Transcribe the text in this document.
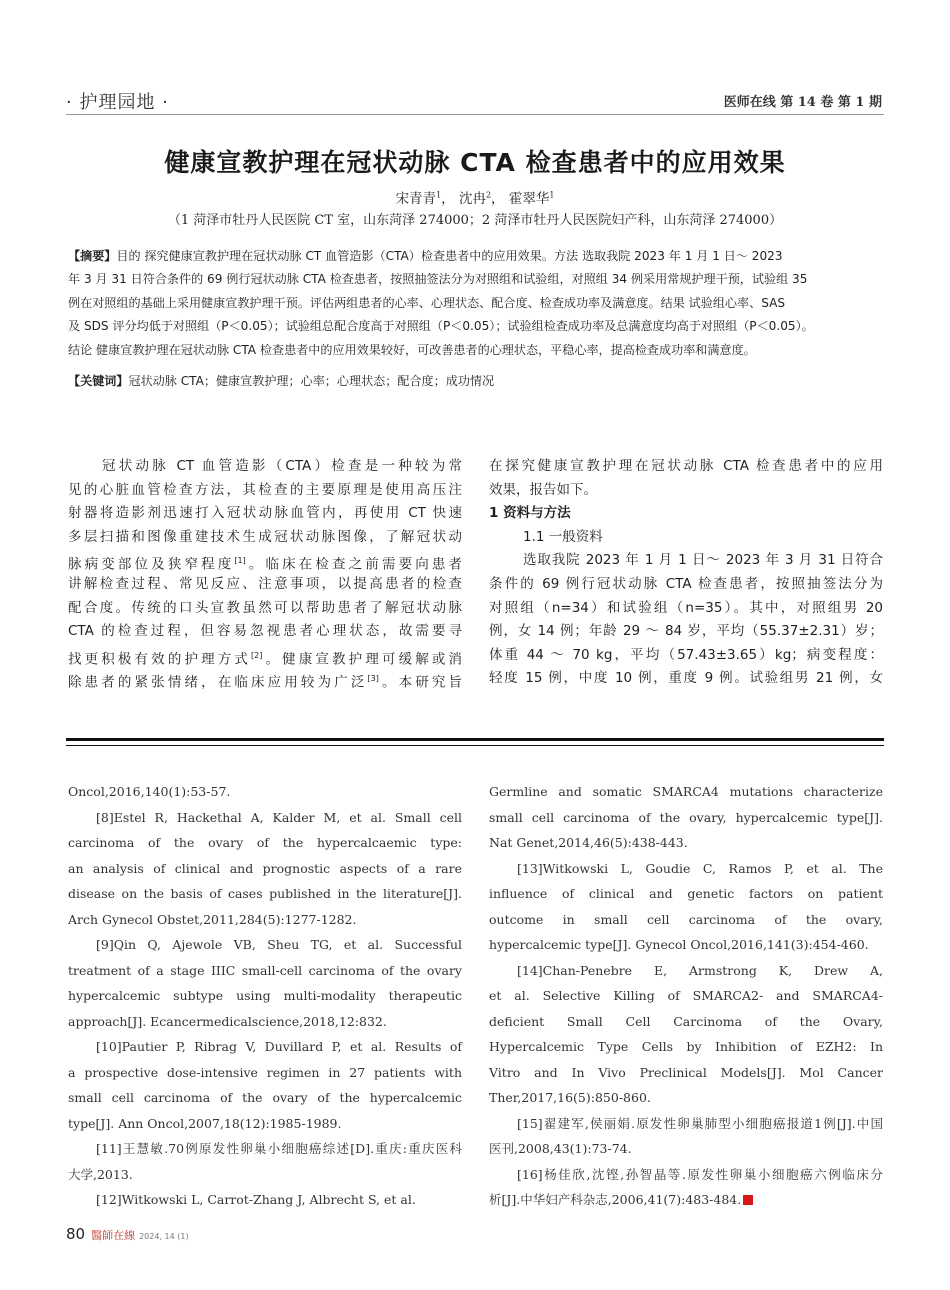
· 护理园地 ·	医师在线 第 14 卷 第 1 期
健康宣教护理在冠状动脉 CTA 检查患者中的应用效果
宋青青$^1$， 沈冉$^2$， 霍翠华$^1$
（1 菏泽市牡丹人民医院 CT 室，山东菏泽 274000；2 菏泽市牡丹人民医院妇产科，山东菏泽 274000）
【摘要】目的 探究健康宣教护理在冠状动脉 CT 血管造影（CTA）检查患者中的应用效果。方法 选取我院 2023 年 1 月 1 日～ 2023
年 3 月 31 日符合条件的 69 例行冠状动脉 CTA 检查患者，按照抽签法分为对照组和试验组，对照组 34 例采用常规护理干预，试验组 35
例在对照组的基础上采用健康宣教护理干预。评估两组患者的心率、心理状态、配合度、检查成功率及满意度。结果 试验组心率、SAS
及 SDS 评分均低于对照组（P＜0.05）；试验组总配合度高于对照组（P＜0.05）；试验组检查成功率及总满意度均高于对照组（P＜0.05）。
结论 健康宣教护理在冠状动脉 CTA 检查患者中的应用效果较好，可改善患者的心理状态，平稳心率，提高检查成功率和满意度。
【关键词】冠状动脉 CTA；健康宣教护理；心率；心理状态；配合度；成功情况
冠状动脉 CT 血管造影（CTA）检查是一种较为常
见的心脏血管检查方法，其检查的主要原理是使用高压注
射器将造影剂迅速打入冠状动脉血管内，再使用 CT 快速
多层扫描和图像重建技术生成冠状动脉图像，了解冠状动
脉病变部位及狭窄程度[1]。临床在检查之前需要向患者
讲解检查过程、常见反应、注意事项，以提高患者的检查
配合度。传统的口头宣教虽然可以帮助患者了解冠状动脉
CTA 的检查过程，但容易忽视患者心理状态，故需要寻
找更积极有效的护理方式[2]。健康宣教护理可缓解或消
除患者的紧张情绪，在临床应用较为广泛[3]。本研究旨
在探究健康宣教护理在冠状动脉 CTA 检查患者中的应用
效果，报告如下。
1 资料与方法
1.1 一般资料
选取我院 2023 年 1 月 1 日～ 2023 年 3 月 31 日符合
条件的 69 例行冠状动脉 CTA 检查患者，按照抽签法分为
对照组（n=34）和试验组（n=35）。其中，对照组男 20
例，女 14 例；年龄 29 ～ 84 岁，平均（55.37±2.31）岁；
体重 44 ～ 70 kg，平均（57.43±3.65）kg；病变程度：
轻度 15 例，中度 10 例，重度 9 例。试验组男 21 例，女
Oncol,2016,140(1):53-57.
[8]Estel R, Hackethal A, Kalder M, et al. Small cell
carcinoma of the ovary of the hypercalcaemic type:
an analysis of clinical and prognostic aspects of a rare
disease on the basis of cases published in the literature[J].
Arch Gynecol Obstet,2011,284(5):1277-1282.
[9]Qin Q, Ajewole VB, Sheu TG, et al. Successful
treatment of a stage IIIC small-cell carcinoma of the ovary
hypercalcemic subtype using multi-modality therapeutic
approach[J]. Ecancermedicalscience,2018,12:832.
[10]Pautier P, Ribrag V, Duvillard P, et al. Results of
a prospective dose-intensive regimen in 27 patients with
small cell carcinoma of the ovary of the hypercalcemic
type[J]. Ann Oncol,2007,18(12):1985-1989.
[11]王慧敏.70例原发性卵巢小细胞癌综述[D].重庆:重庆医科
大学,2013.
[12]Witkowski L, Carrot-Zhang J, Albrecht S, et al.
Germline and somatic SMARCA4 mutations characterize
small cell carcinoma of the ovary, hypercalcemic type[J].
Nat Genet,2014,46(5):438-443.
[13]Witkowski L, Goudie C, Ramos P, et al. The
influence of clinical and genetic factors on patient
outcome in small cell carcinoma of the ovary,
hypercalcemic type[J]. Gynecol Oncol,2016,141(3):454-460.
[14]Chan-Penebre E, Armstrong K, Drew A,
et al. Selective Killing of SMARCA2- and SMARCA4-
deficient Small Cell Carcinoma of the Ovary,
Hypercalcemic Type Cells by Inhibition of EZH2: In
Vitro and In Vivo Preclinical Models[J]. Mol Cancer
Ther,2017,16(5):850-860.
[15]翟建军,侯丽娟.原发性卵巢肺型小细胞癌报道1例[J].中国
医刊,2008,43(1):73-74.
[16]杨佳欣,沈铿,孙智晶等.原发性卵巢小细胞癌六例临床分
析[J].中华妇产科杂志,2006,41(7):483-484.
80 醫師在線 2024, 14 (1)
